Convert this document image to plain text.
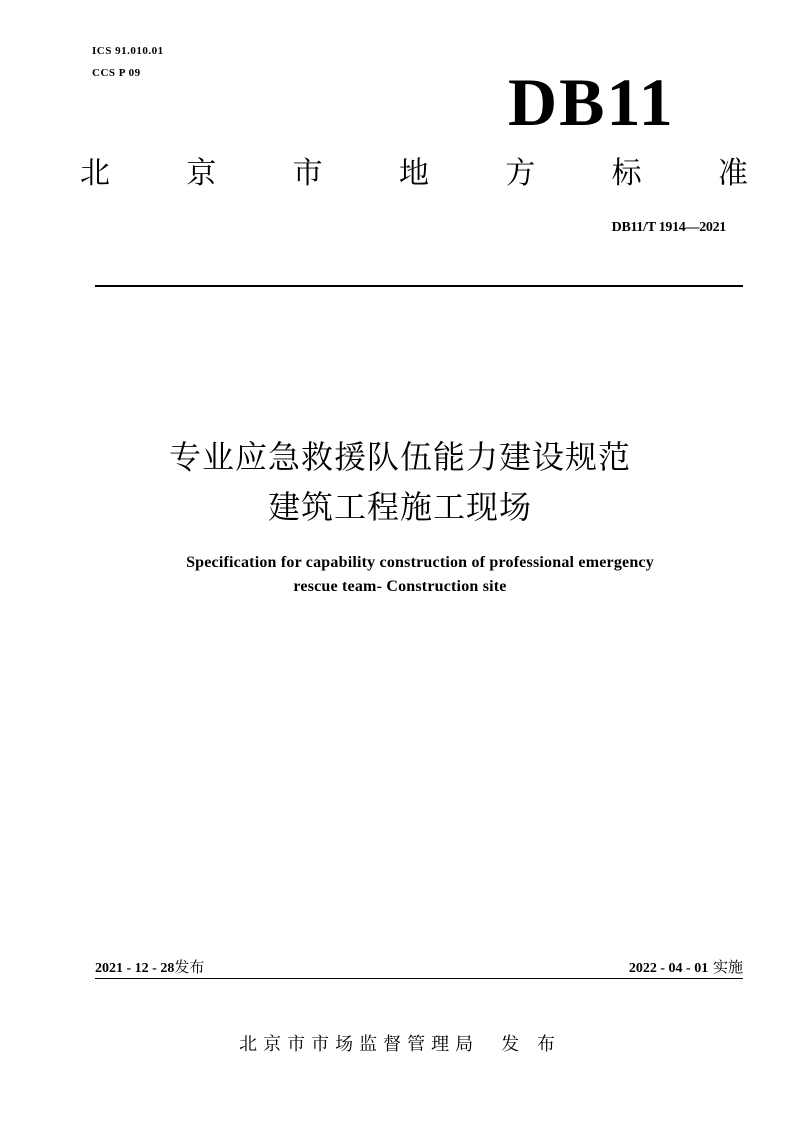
ICS 91.010.01
CCS P 09	DB11
北	京	市	地	方	标	准
DB11/T 1914—2021
专业应急救援队伍能力建设规范
建筑工程施工现场
Specification for capability construction of professional emergency
rescue team- Construction site
2021 - 12 - 28发布	2022 - 04 - 01 实施
北京市市场监督管理局 发 布
